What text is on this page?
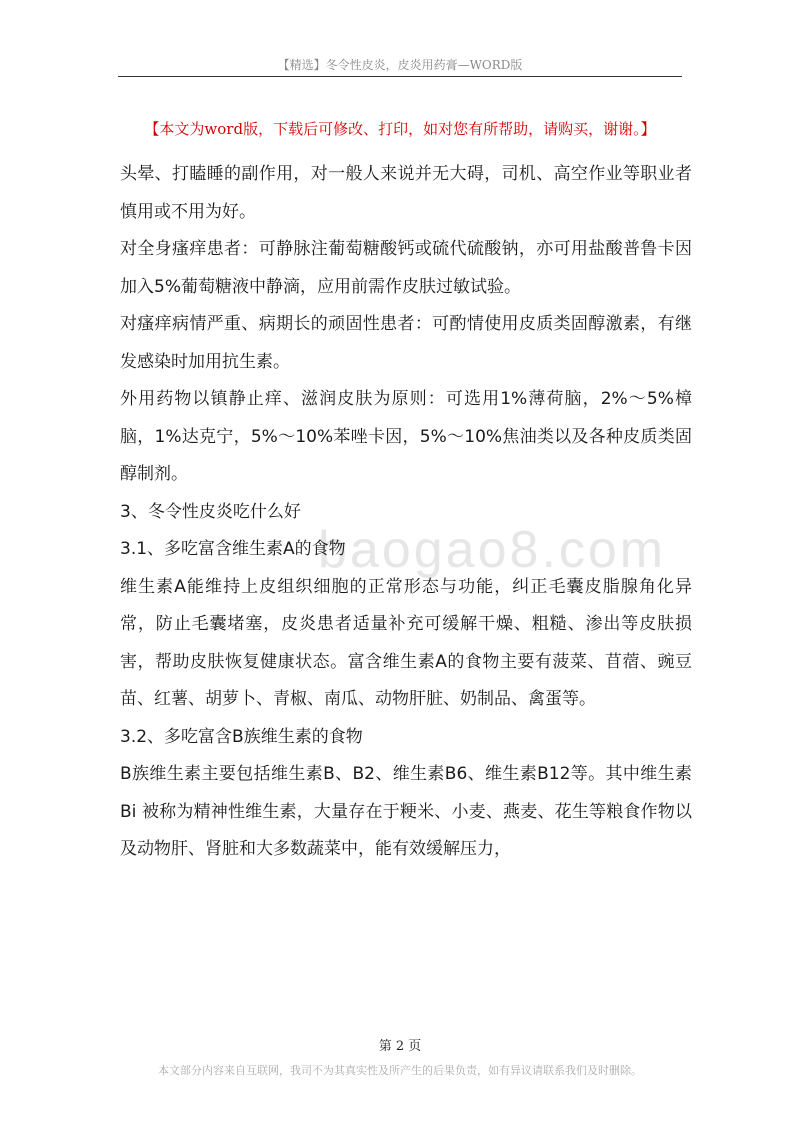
【精选】冬令性皮炎，皮炎用药膏—WORD版
【本文为word版，下载后可修改、打印，如对您有所帮助，请购买，谢谢。】
baogao8.com

头晕、打瞌睡的副作用，对一般人来说并无大碍，司机、高空作业等职业者慎用或不用为好。

对全身瘙痒患者：可静脉注葡萄糖酸钙或硫代硫酸钠，亦可用盐酸普鲁卡因加入5%葡萄糖液中静滴，应用前需作皮肤过敏试验。

对瘙痒病情严重、病期长的顽固性患者：可酌情使用皮质类固醇激素，有继发感染时加用抗生素。

外用药物以镇静止痒、滋润皮肤为原则：可选用1%薄荷脑，2%～5%樟脑，1%达克宁，5%～10%苯唑卡因，5%～10%焦油类以及各种皮质类固醇制剂。

3、冬令性皮炎吃什么好

3.1、多吃富含维生素A的食物

维生素A能维持上皮组织细胞的正常形态与功能，纠正毛囊皮脂腺角化异常，防止毛囊堵塞，皮炎患者适量补充可缓解干燥、粗糙、渗出等皮肤损害，帮助皮肤恢复健康状态。富含维生素A的食物主要有菠菜、苜蓿、豌豆苗、红薯、胡萝卜、青椒、南瓜、动物肝脏、奶制品、禽蛋等。

3.2、多吃富含B族维生素的食物

B族维生素主要包括维生素B、B2、维生素B6、维生素B12等。其中维生素 Bi 被称为精神性维生素，大量存在于粳米、小麦、燕麦、花生等粮食作物以及动物肝、肾脏和大多数蔬菜中，能有效缓解压力，

第 2 页
本文部分内容来自互联网，我司不为其真实性及所产生的后果负责，如有异议请联系我们及时删除。
